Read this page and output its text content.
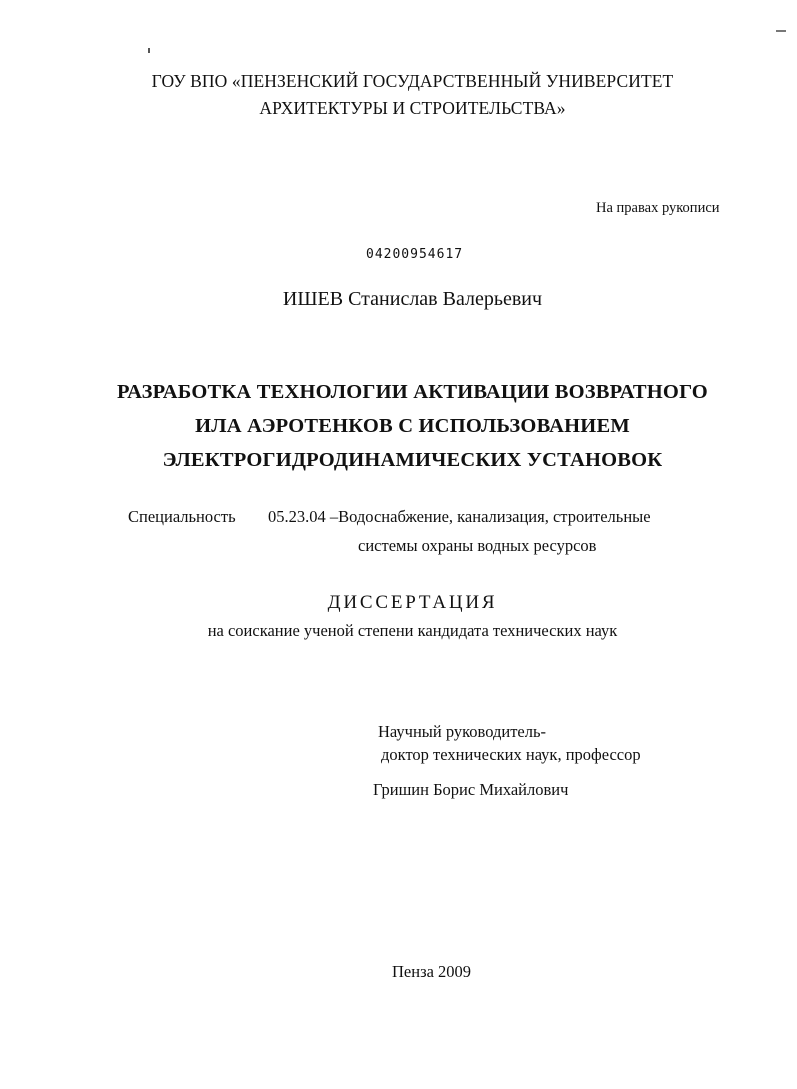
ГОУ ВПО «ПЕНЗЕНСКИЙ ГОСУДАРСТВЕННЫЙ УНИВЕРСИТЕТ
АРХИТЕКТУРЫ И СТРОИТЕЛЬСТВА»
На правах рукописи
04200954617
ИШЕВ Станислав Валерьевич
РАЗРАБОТКА ТЕХНОЛОГИИ АКТИВАЦИИ ВОЗВРАТНОГО
ИЛА АЭРОТЕНКОВ С ИСПОЛЬЗОВАНИЕМ
ЭЛЕКТРОГИДРОДИНАМИЧЕСКИХ УСТАНОВОК
Специальность 05.23.04 –Водоснабжение, канализация, строительные
системы охраны водных ресурсов
ДИССЕРТАЦИЯ
на соискание ученой степени кандидата технических наук
Научный руководитель-
доктор технических наук, профессор
Гришин Борис Михайлович
Пенза 2009
